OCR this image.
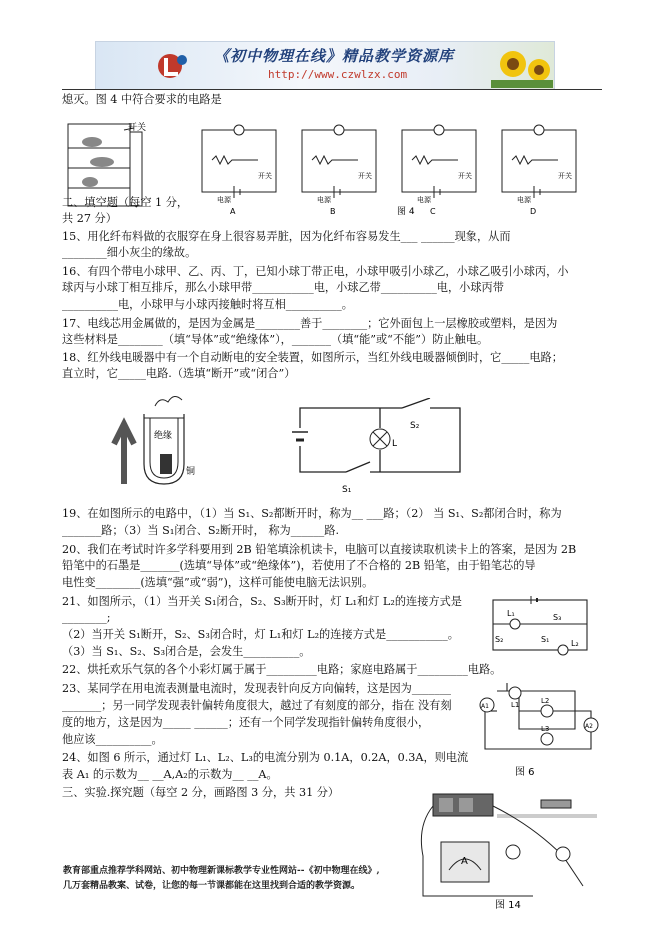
《初中物理在线》精品教学资源库
http://www.czwlzx.com
熄灭。图 4 中符合要求的电路是
开关
电源	电源	电源	电源
开关	开关	开关	开关
A	B	C	D
图 4
二、填空题（每空 1 分，
共 27 分）
15、用化纤布料做的衣服穿在身上很容易弄脏，因为化纤布容易发生___ ______现象，从而
________细小灰尘的缘故。
16、有四个带电小球甲、乙、丙、丁，已知小球丁带正电，小球甲吸引小球乙，小球乙吸引小球丙，小
球丙与小球丁相互排斥，那么小球甲带___________电，小球乙带__________电，小球丙带
__________电，小球甲与小球丙接触时将互相__________。
17、电线芯用金属做的，是因为金属是________善于________；它外面包上一层橡胶或塑料，是因为
这些材料是________（填“导体”或“绝缘体”），_______（填“能”或“不能”）防止触电。
18、红外线电暖器中有一个自动断电的安全装置，如图所示，当红外线电暖器倾倒时，它_____电路；
直立时，它_____电路.（选填“断开”或“闭合”）
绝缘
铜
L
S₂
S₁
19、在如图所示的电路中，（1）当 S₁、S₂都断开时，称为__ ___路；（2） 当 S₁、S₂都闭合时，称为
_______路；（3）当 S₁闭合、S₂断开时， 称为______路.
20、我们在考试时许多学科要用到 2B 铅笔填涂机读卡，电脑可以直接读取机读卡上的答案，是因为 2B
铅笔中的石墨是_______(选填“导体”或“绝缘体”)，若使用了不合格的 2B 铅笔，由于铅笔芯的导
电性变________(选填“强”或“弱”)，这样可能使电脑无法识别。
21、如图所示，（1）当开关 S₁闭合，S₂、S₃断开时，灯 L₁和灯 L₂的连接方式是
________;
（2）当开关 S₁断开，S₂、S₃闭合时，灯 L₁和灯 L₂的连接方式是___________。
（3）当 S₁、S₂、S₃闭合是，会发生__________。
L₁
L₂
S₃
S₂	S₁
22、烘托欢乐气氛的各个小彩灯属于属于_________电路；家庭电路属于_________电路。
23、某同学在用电流表测量电流时，发现表针向反方向偏转，这是因为_______
_______；另一同学发现表针偏转角度很大，越过了有刻度的部分，指在 没有刻
度的地方，这是因为_____ ______；还有一个同学发现指针偏转角度很小，
他应该__________。
24、如图 6 所示，通过灯 L₁、L₂、L₃的电流分别为 0.1A，0.2A，0.3A，则电流
表 A₁ 的示数为__ __A,A₂的示数为__ __A。
A1
A2
L1	L2
L3
图 6
三、实验.探究题（每空 2 分，画路图 3 分，共 31 分）
A
图 14
教育部重点推荐学科网站、初中物理新课标教学专业性网站--《初中物理在线》,
几万套精品教案、试卷，让您的每一节课都能在这里找到合适的教学资源。
